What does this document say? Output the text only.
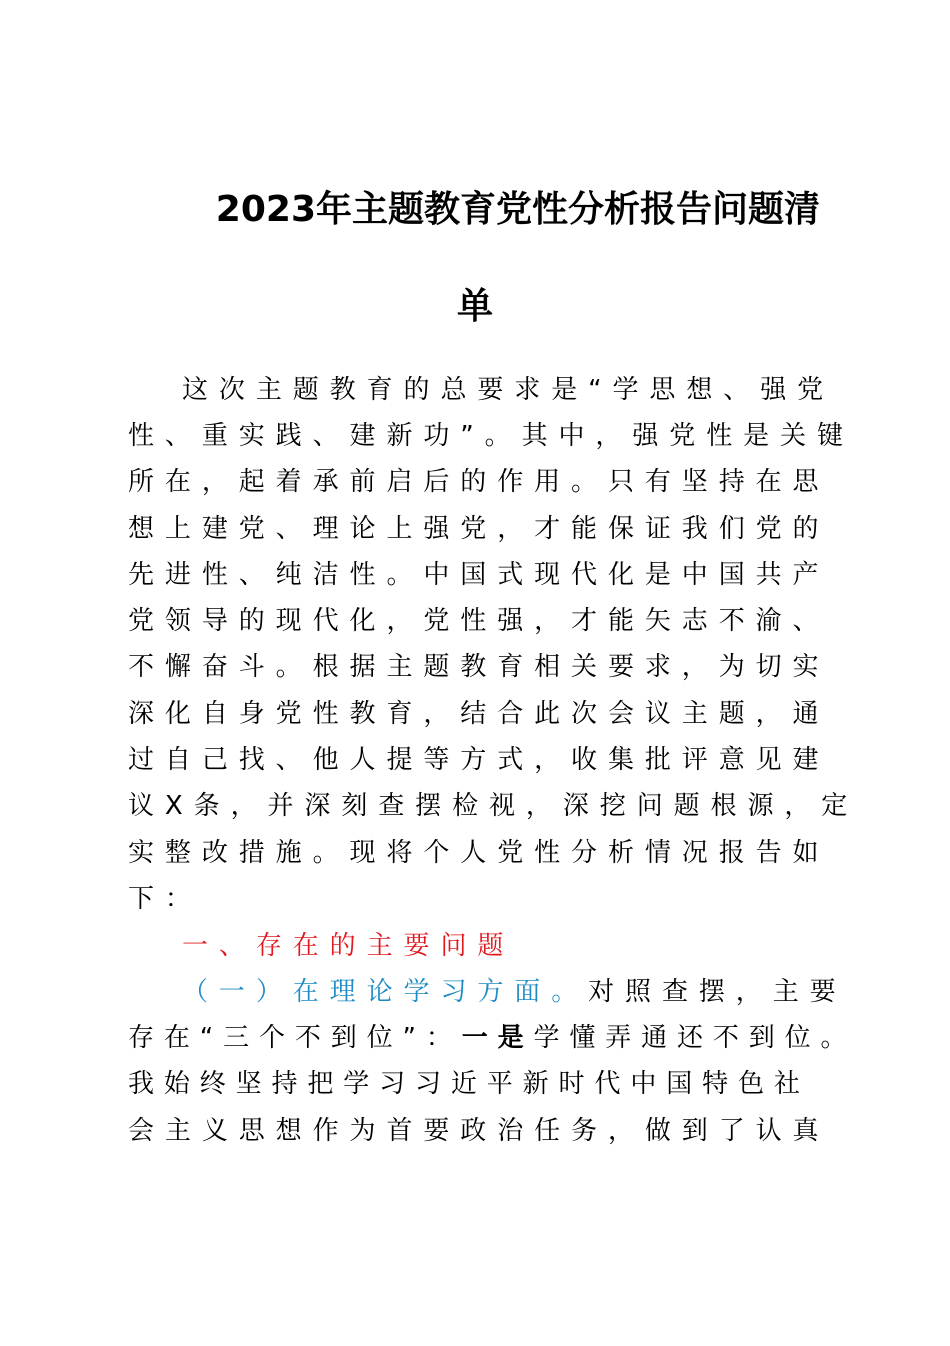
2023年主题教育党性分析报告问题清
单

这次主题教育的总要求是“学思想、强党

性、重实践、建新功”。其中，强党性是关键

所在，起着承前启后的作用。只有坚持在思

想上建党、理论上强党，才能保证我们党的

先进性、纯洁性。中国式现代化是中国共产

党领导的现代化，党性强，才能矢志不渝、

不懈奋斗。根据主题教育相关要求，为切实

深化自身党性教育，结合此次会议主题，通

过自己找、他人提等方式，收集批评意见建

议X条，并深刻查摆检视，深挖问题根源，定

实整改措施。现将个人党性分析情况报告如

下：

一、存在的主要问题

（一）在理论学习方面。对照查摆，主要

存在“三个不到位”：一是学懂弄通还不到位。

我始终坚持把学习习近平新时代中国特色社

会主义思想作为首要政治任务，做到了认真
